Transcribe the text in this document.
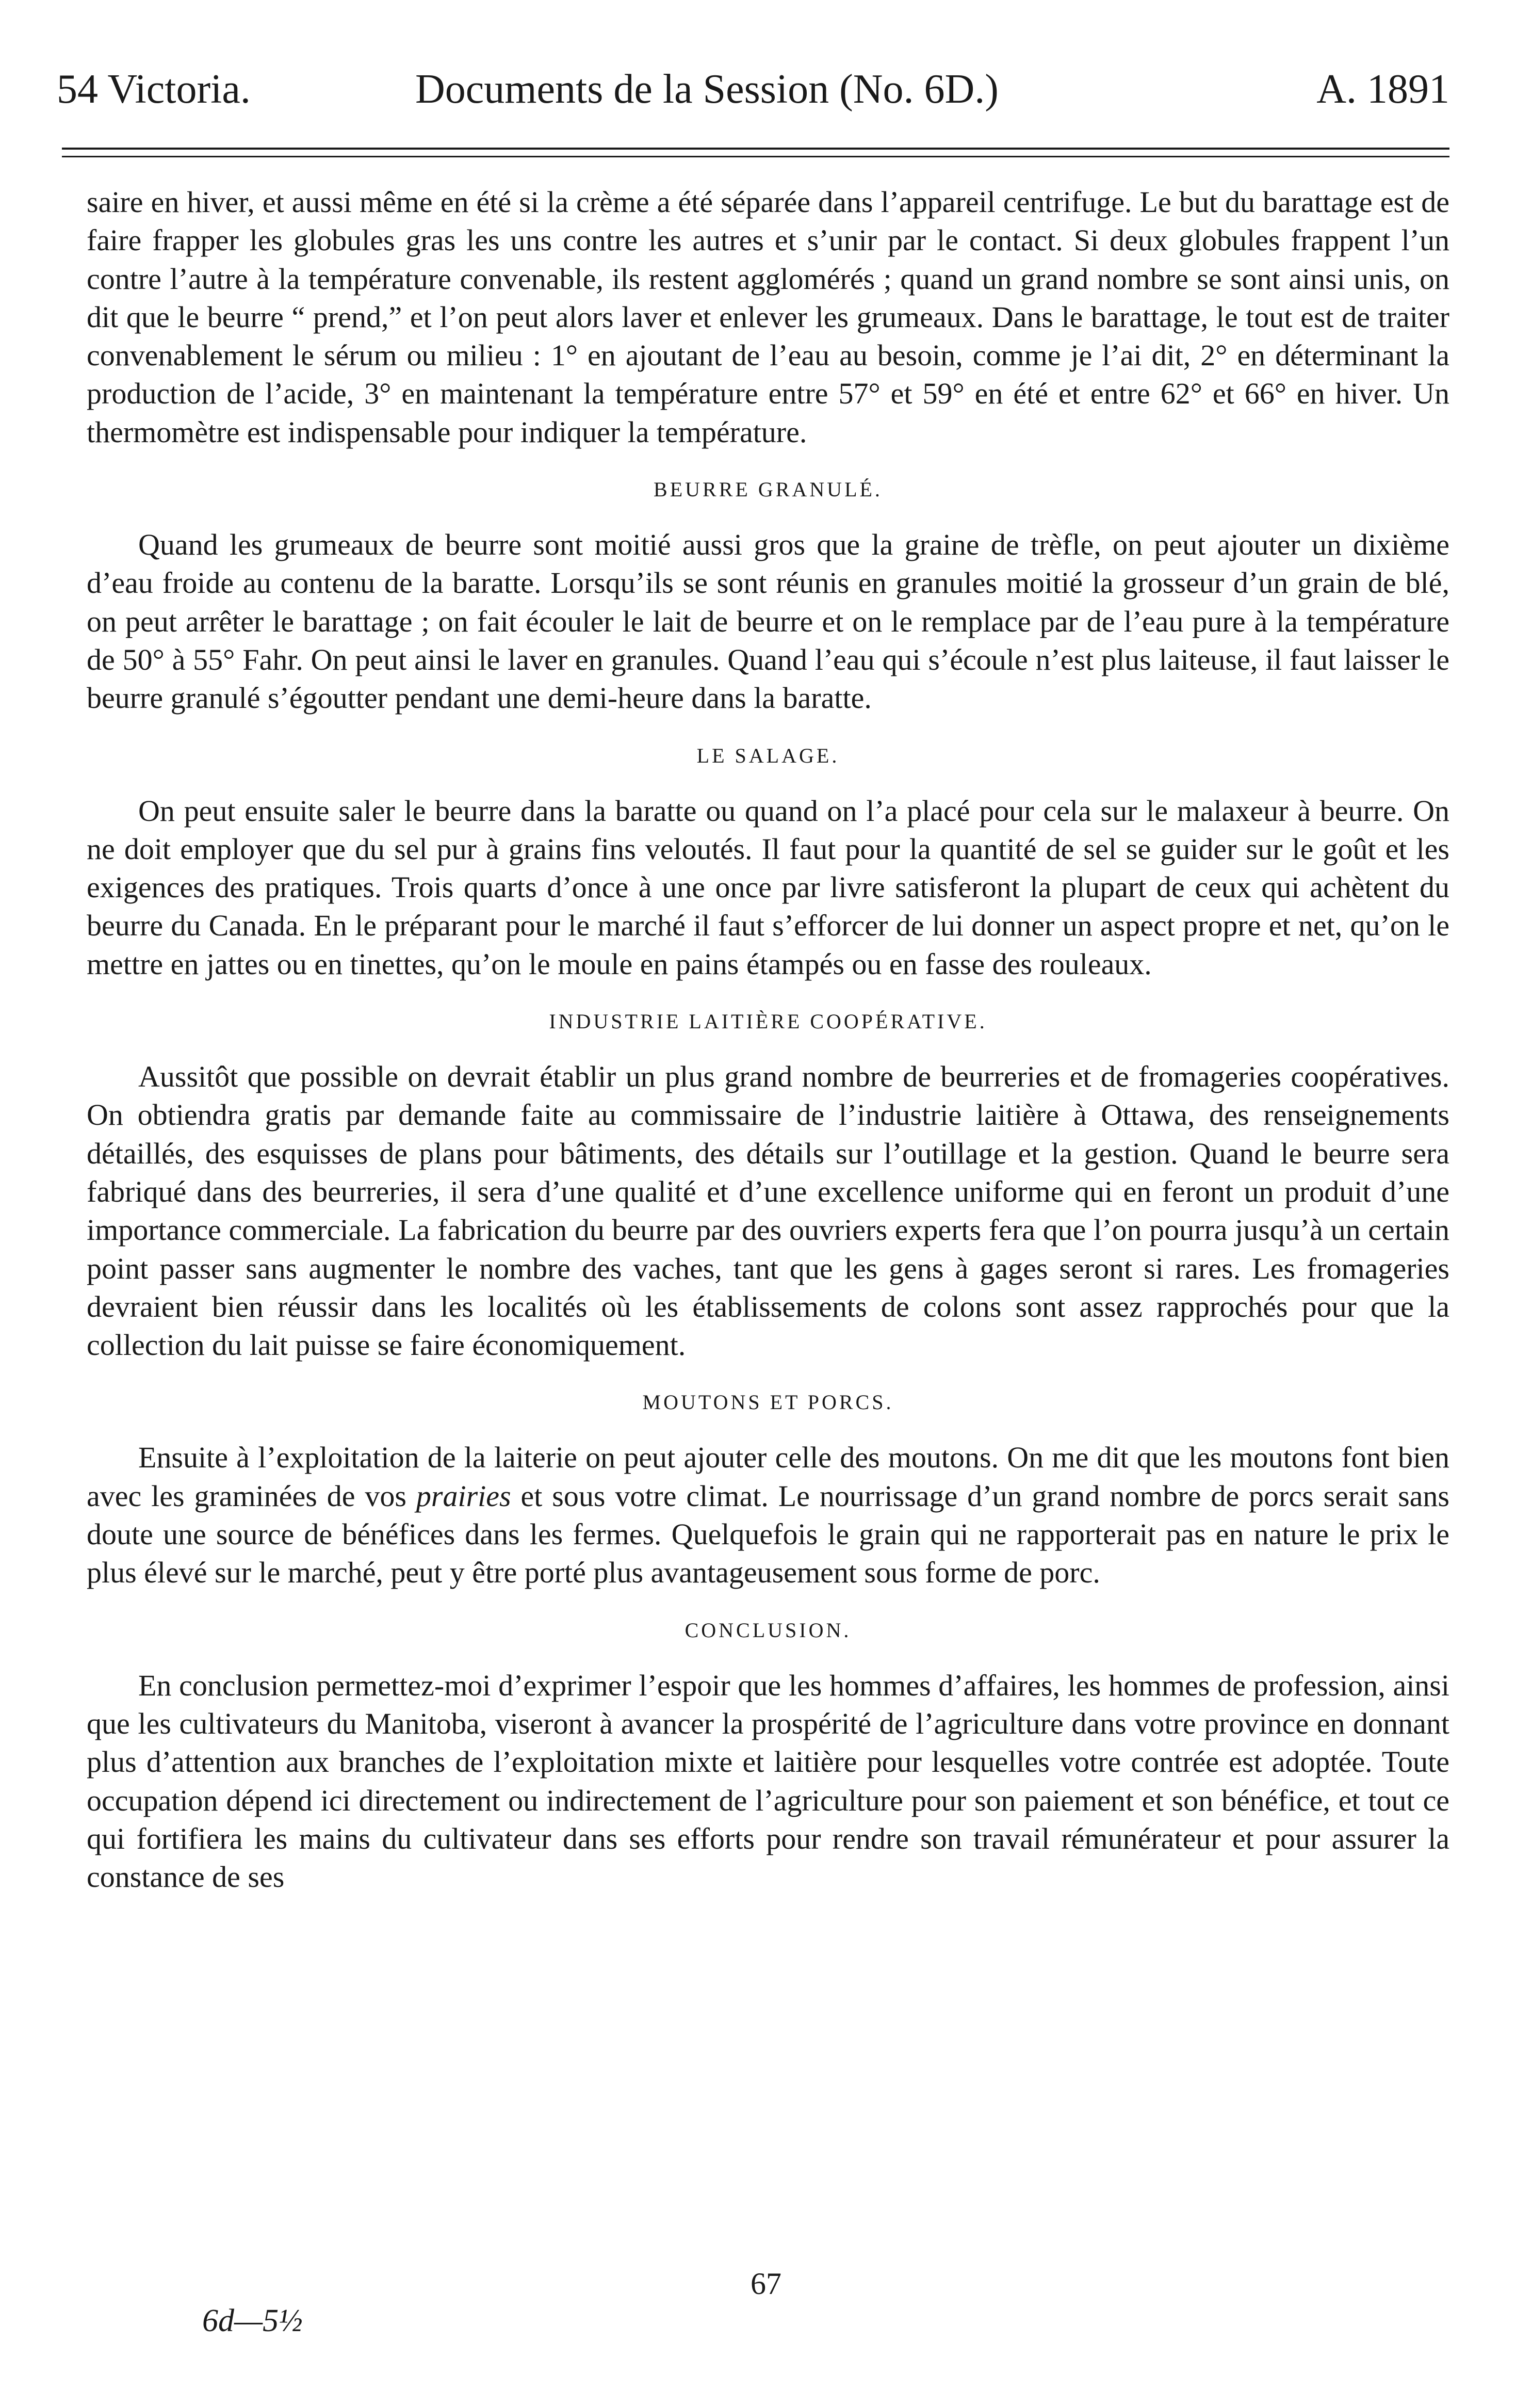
54 Victoria.	Documents de la Session (No. 6D.)	A. 1891

saire en hiver, et aussi même en été si la crème a été séparée dans l’appareil centrifuge. Le but du barattage est de faire frapper les globules gras les uns contre les autres et s’unir par le contact. Si deux globules frappent l’un contre l’autre à la température convenable, ils restent agglomérés ; quand un grand nombre se sont ainsi unis, on dit que le beurre “ prend,” et l’on peut alors laver et enlever les grumeaux. Dans le barattage, le tout est de traiter convenablement le sérum ou milieu : 1° en ajoutant de l’eau au besoin, comme je l’ai dit, 2° en déterminant la production de l’acide, 3° en maintenant la température entre 57° et 59° en été et entre 62° et 66° en hiver. Un thermomètre est indispensable pour indiquer la température.

BEURRE GRANULÉ.

Quand les grumeaux de beurre sont moitié aussi gros que la graine de trèfle, on peut ajouter un dixième d’eau froide au contenu de la baratte. Lorsqu’ils se sont réunis en granules moitié la grosseur d’un grain de blé, on peut arrêter le barattage ; on fait écouler le lait de beurre et on le remplace par de l’eau pure à la température de 50° à 55° Fahr. On peut ainsi le laver en granules. Quand l’eau qui s’écoule n’est plus laiteuse, il faut laisser le beurre granulé s’égoutter pendant une demi-heure dans la baratte.

LE SALAGE.

On peut ensuite saler le beurre dans la baratte ou quand on l’a placé pour cela sur le malaxeur à beurre. On ne doit employer que du sel pur à grains fins veloutés. Il faut pour la quantité de sel se guider sur le goût et les exigences des pratiques. Trois quarts d’once à une once par livre satisferont la plupart de ceux qui achètent du beurre du Canada. En le préparant pour le marché il faut s’efforcer de lui donner un aspect propre et net, qu’on le mettre en jattes ou en tinettes, qu’on le moule en pains étampés ou en fasse des rouleaux.

INDUSTRIE LAITIÈRE COOPÉRATIVE.

Aussitôt que possible on devrait établir un plus grand nombre de beurreries et de fromageries coopératives. On obtiendra gratis par demande faite au commissaire de l’industrie laitière à Ottawa, des renseignements détaillés, des esquisses de plans pour bâtiments, des détails sur l’outillage et la gestion. Quand le beurre sera fabriqué dans des beurreries, il sera d’une qualité et d’une excellence uniforme qui en feront un produit d’une importance commerciale. La fabrication du beurre par des ouvriers experts fera que l’on pourra jusqu’à un certain point passer sans augmenter le nombre des vaches, tant que les gens à gages seront si rares. Les fromageries devraient bien réussir dans les localités où les établissements de colons sont assez rapprochés pour que la collection du lait puisse se faire économiquement.

MOUTONS ET PORCS.

Ensuite à l’exploitation de la laiterie on peut ajouter celle des moutons. On me dit que les moutons font bien avec les graminées de vos prairies et sous votre climat. Le nourrissage d’un grand nombre de porcs serait sans doute une source de bénéfices dans les fermes. Quelquefois le grain qui ne rapporterait pas en nature le prix le plus élevé sur le marché, peut y être porté plus avantageusement sous forme de porc.

CONCLUSION.

En conclusion permettez-moi d’exprimer l’espoir que les hommes d’affaires, les hommes de profession, ainsi que les cultivateurs du Manitoba, viseront à avancer la prospérité de l’agriculture dans votre province en donnant plus d’attention aux branches de l’exploitation mixte et laitière pour lesquelles votre contrée est adoptée. Toute occupation dépend ici directement ou indirectement de l’agriculture pour son paiement et son bénéfice, et tout ce qui fortifiera les mains du cultivateur dans ses efforts pour rendre son travail rémunérateur et pour assurer la constance de ses

67
6d—5½
